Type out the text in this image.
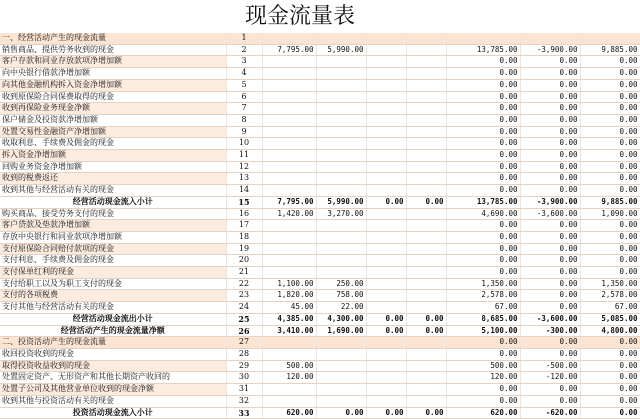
现金流量表
一、经营活动产生的现金流量	1							
销售商品、提供劳务收到的现金	2	7,795.00	5,990.00			13,785.00	-3,900.00	9,885.00
客户存款和同业存放款项净增加额	3					0.00	0.00	0.00
向中央银行借款净增加额	4					0.00	0.00	0.00
向其他金融机构拆入资金净增加额	5					0.00	0.00	0.00
收到原保险合同保费取得的现金	6					0.00	0.00	0.00
收到再保险业务现金净额	7					0.00	0.00	0.00
保户储金及投资款净增加额	8					0.00	0.00	0.00
处置交易性金融资产净增加额	9					0.00	0.00	0.00
收取利息、手续费及佣金的现金	10					0.00	0.00	0.00
拆入资金净增加额	11					0.00	0.00	0.00
回购业务资金净增加额	12					0.00	0.00	0.00
收到的税费返还	13					0.00	0.00	0.00
收到其他与经营活动有关的现金	14					0.00	0.00	0.00
经营活动现金流入小计	15	7,795.00	5,990.00	0.00	0.00	13,785.00	-3,900.00	9,885.00
购买商品、接受劳务支付的现金	16	1,420.00	3,270.00			4,690.00	-3,600.00	1,090.00
客户贷款及垫款净增加额	17					0.00	0.00	0.00
存放中央银行和同业款项净增加额	18					0.00	0.00	0.00
支付原保险合同赔付款项的现金	19					0.00	0.00	0.00
支付利息、手续费及佣金的现金	20					0.00	0.00	0.00
支付保单红利的现金	21					0.00	0.00	0.00
支付给职工以及为职工支付的现金	22	1,100.00	250.00			1,350.00	0.00	1,350.00
支付的各项税费	23	1,820.00	758.00			2,578.00	0.00	2,578.00
支付其他与经营活动有关的现金	24	45.00	22.00			67.00	0.00	67.00
经营活动现金流出小计	25	4,385.00	4,300.00	0.00	0.00	8,685.00	-3,600.00	5,085.00
经营活动产生的现金流量净额	26	3,410.00	1,690.00	0.00	0.00	5,100.00	-300.00	4,800.00
二、投资活动产生的现金流量	27					0.00	0.00	0.00
收回投资收到的现金	28					0.00	0.00	0.00
取得投资收益收到的现金	29	500.00				500.00	-500.00	0.00
处置固定资产、无形资产和其他长期资产收回的	30	120.00				120.00	-120.00	0.00
处置子公司及其他营业单位收到的现金净额	31					0.00	0.00	0.00
收到其他与投资活动有关的现金	32					0.00	0.00	0.00
投资活动现金流入小计	33	620.00	0.00	0.00	0.00	620.00	-620.00	0.00
